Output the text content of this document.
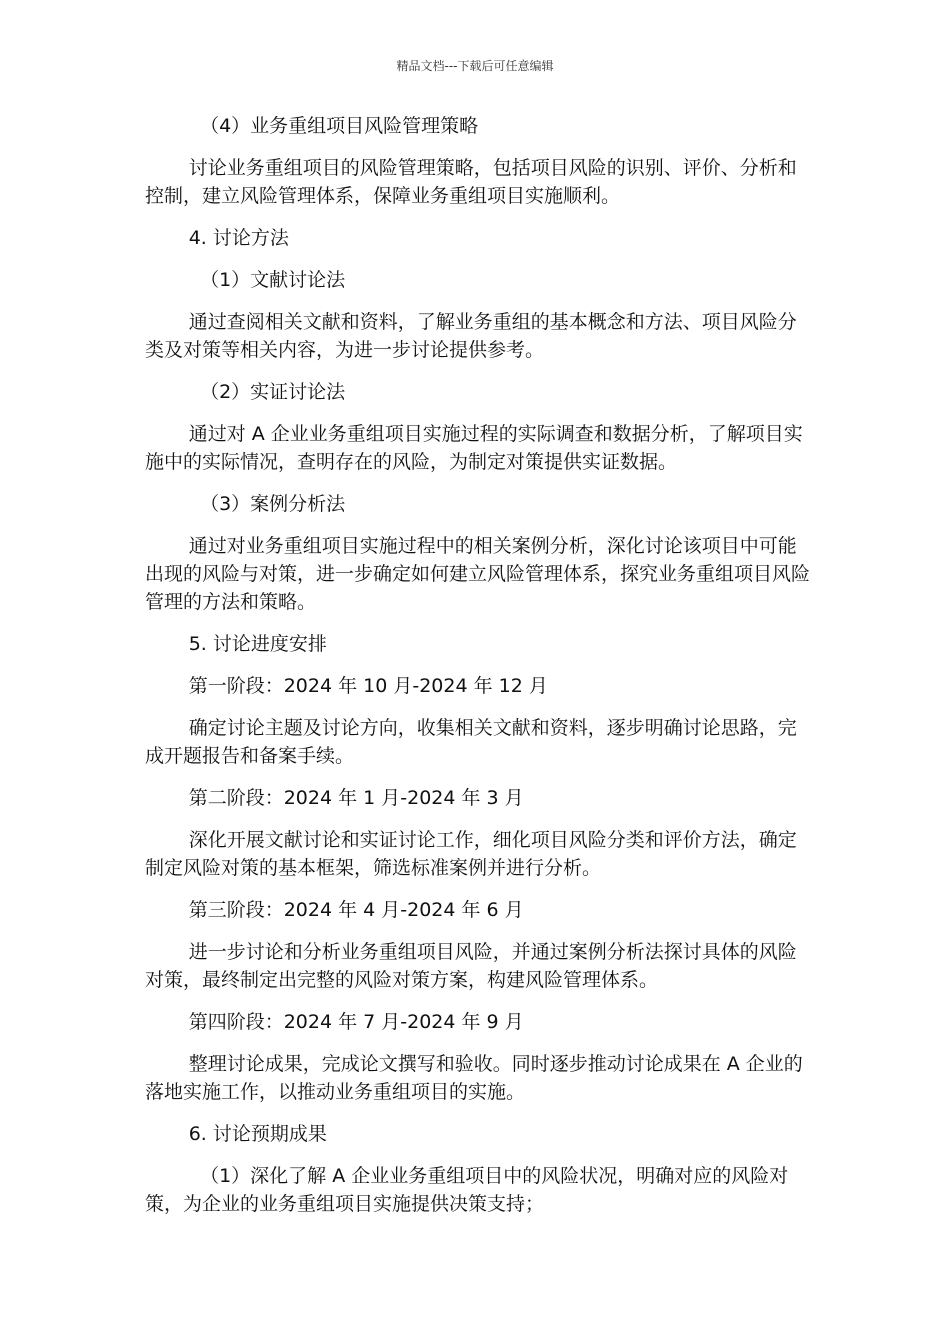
精品文档---下载后可任意编辑

（4）业务重组项目风险管理策略

讨论业务重组项目的风险管理策略，包括项目风险的识别、评价、分析和控制，建立风险管理体系，保障业务重组项目实施顺利。

4. 讨论方法

（1）文献讨论法

通过查阅相关文献和资料，了解业务重组的基本概念和方法、项目风险分类及对策等相关内容，为进一步讨论提供参考。

（2）实证讨论法

通过对 A 企业业务重组项目实施过程的实际调查和数据分析，了解项目实施中的实际情况，查明存在的风险，为制定对策提供实证数据。

（3）案例分析法

通过对业务重组项目实施过程中的相关案例分析，深化讨论该项目中可能出现的风险与对策，进一步确定如何建立风险管理体系，探究业务重组项目风险管理的方法和策略。

5. 讨论进度安排

第一阶段：2024 年 10 月-2024 年 12 月

确定讨论主题及讨论方向，收集相关文献和资料，逐步明确讨论思路，完成开题报告和备案手续。

第二阶段：2024 年 1 月-2024 年 3 月

深化开展文献讨论和实证讨论工作，细化项目风险分类和评价方法，确定制定风险对策的基本框架，筛选标准案例并进行分析。

第三阶段：2024 年 4 月-2024 年 6 月

进一步讨论和分析业务重组项目风险，并通过案例分析法探讨具体的风险对策，最终制定出完整的风险对策方案，构建风险管理体系。

第四阶段：2024 年 7 月-2024 年 9 月

整理讨论成果，完成论文撰写和验收。同时逐步推动讨论成果在 A 企业的落地实施工作，以推动业务重组项目的实施。

6. 讨论预期成果

（1）深化了解 A 企业业务重组项目中的风险状况，明确对应的风险对策，为企业的业务重组项目实施提供决策支持；
